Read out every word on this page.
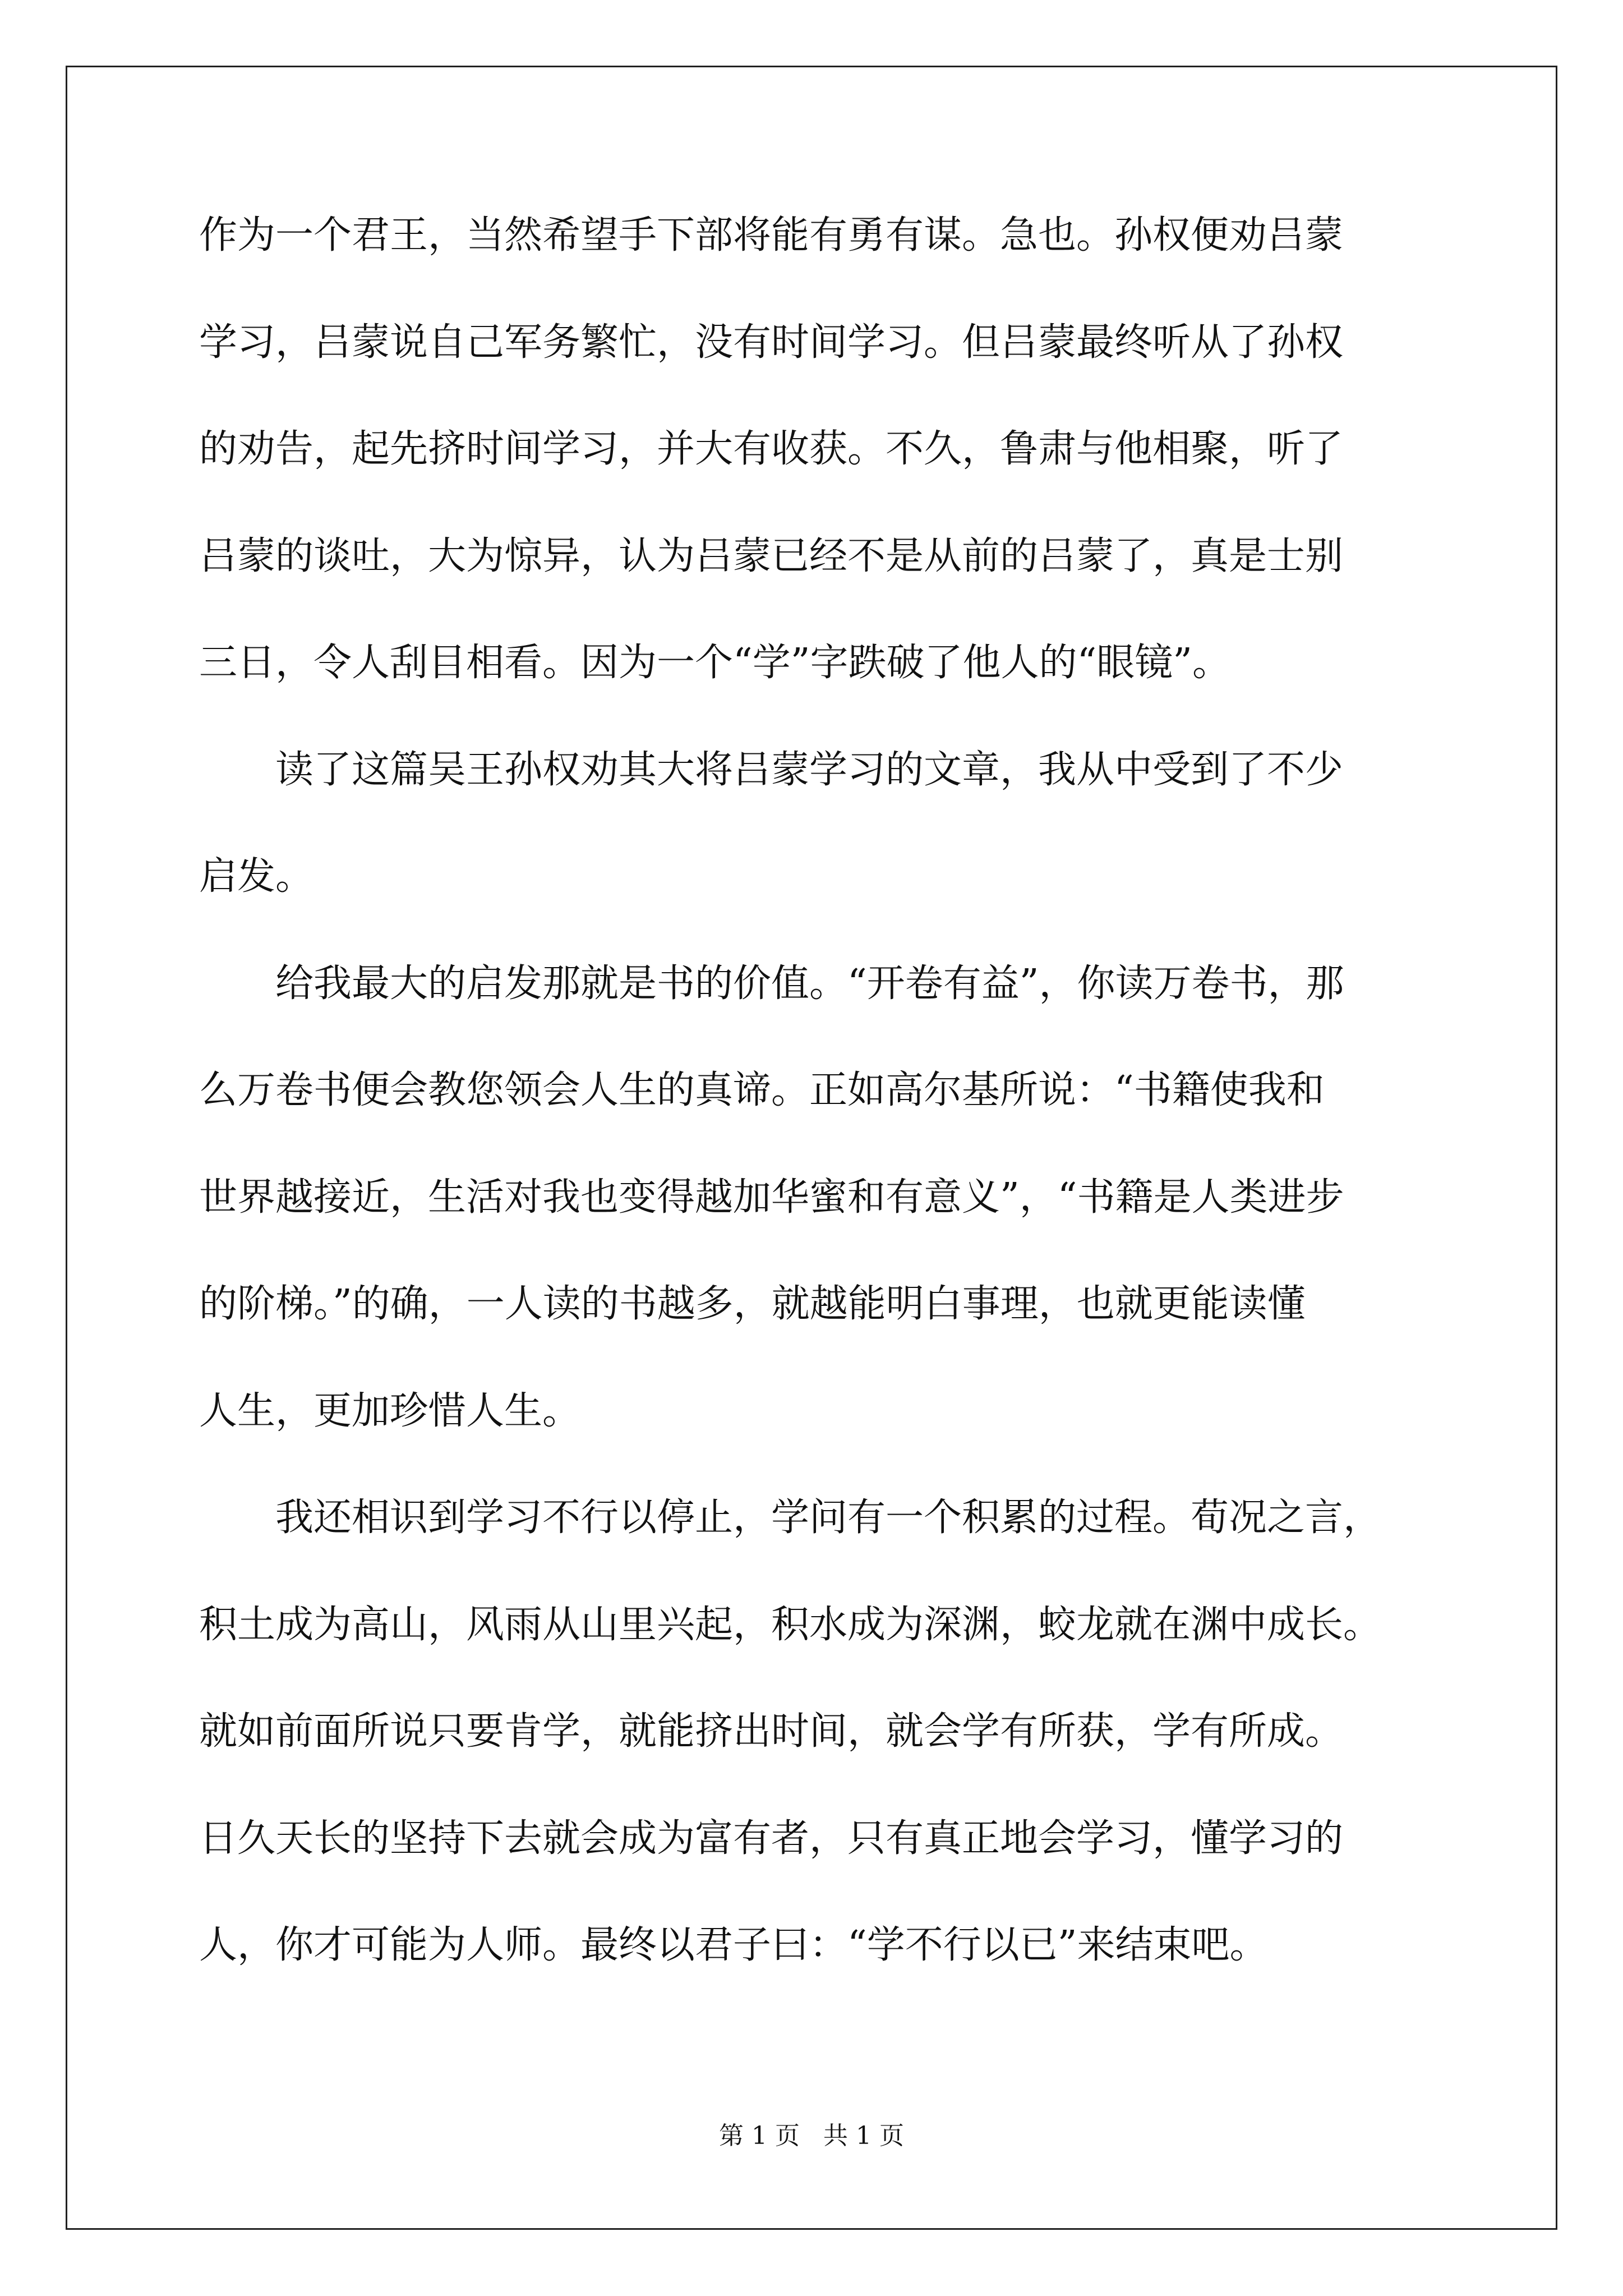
作为一个君王，当然希望手下部将能有勇有谋。急也。孙权便劝吕蒙
学习，吕蒙说自己军务繁忙，没有时间学习。但吕蒙最终听从了孙权
的劝告，起先挤时间学习，并大有收获。不久，鲁肃与他相聚，听了
吕蒙的谈吐，大为惊异，认为吕蒙已经不是从前的吕蒙了，真是士别
三日，令人刮目相看。因为一个“学”字跌破了他人的“眼镜”。
　　读了这篇吴王孙权劝其大将吕蒙学习的文章，我从中受到了不少
启发。
　　给我最大的启发那就是书的价值。“开卷有益”，你读万卷书，那
么万卷书便会教您领会人生的真谛。正如高尔基所说：“书籍使我和
世界越接近，生活对我也变得越加华蜜和有意义”，“书籍是人类进步
的阶梯。”的确，一人读的书越多，就越能明白事理，也就更能读懂
人生，更加珍惜人生。
　　我还相识到学习不行以停止，学问有一个积累的过程。荀况之言，
积土成为高山，风雨从山里兴起，积水成为深渊，蛟龙就在渊中成长。
就如前面所说只要肯学，就能挤出时间，就会学有所获，学有所成。
日久天长的坚持下去就会成为富有者，只有真正地会学习，懂学习的
人，你才可能为人师。最终以君子曰：“学不行以已”来结束吧。
第 1 页 共 1 页
